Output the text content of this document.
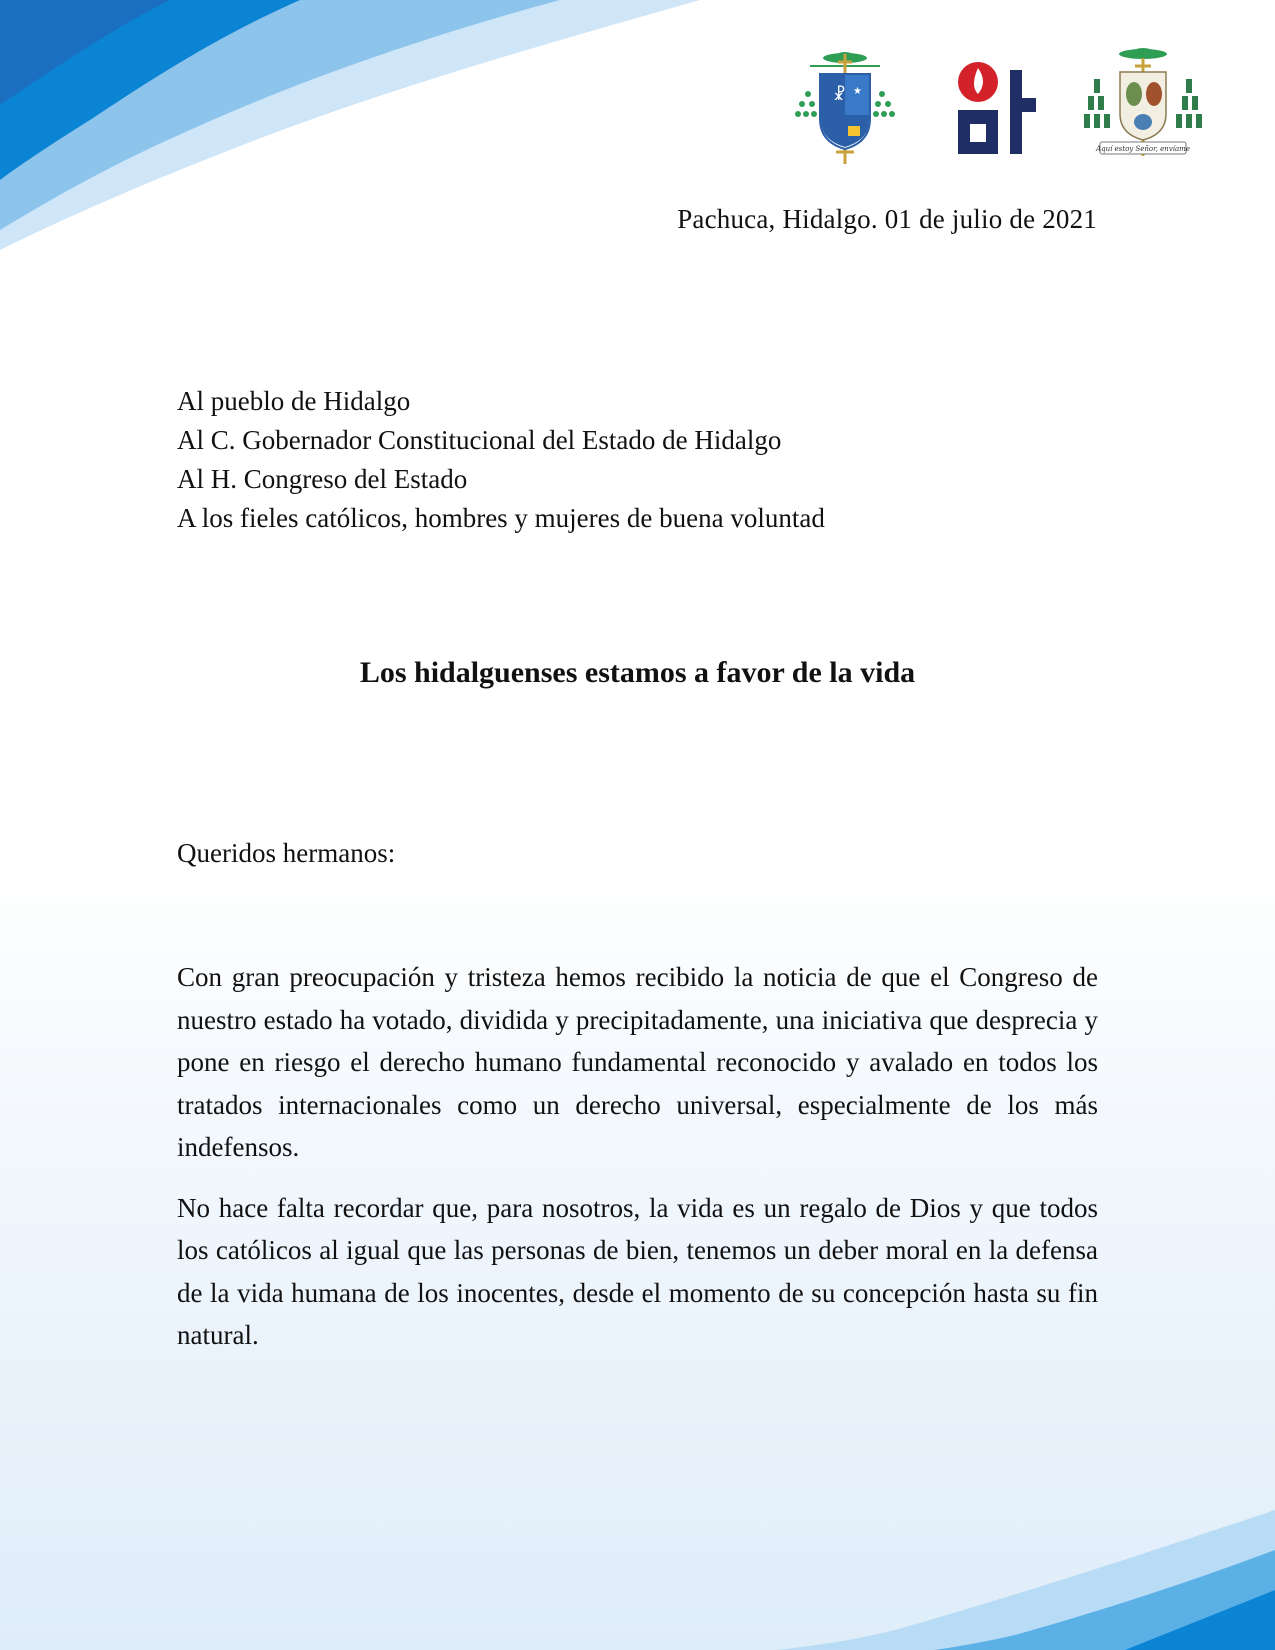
☧ ★
Aquí estoy Señor, envíame
Pachuca, Hidalgo. 01 de julio de 2021
Al pueblo de Hidalgo
Al C. Gobernador Constitucional del Estado de Hidalgo
Al H. Congreso del Estado
A los fieles católicos, hombres y mujeres de buena voluntad
Los hidalguenses estamos a favor de la vida
Queridos hermanos:

Con gran preocupación y tristeza hemos recibido la noticia de que el Congreso de nuestro estado ha votado, dividida y precipitadamente, una iniciativa que desprecia y pone en riesgo el derecho humano fundamental reconocido y avalado en todos los tratados internacionales como un derecho universal, especialmente de los más indefensos.

No hace falta recordar que, para nosotros, la vida es un regalo de Dios y que todos los católicos al igual que las personas de bien, tenemos un deber moral en la defensa de la vida humana de los inocentes, desde el momento de su concepción hasta su fin natural.
